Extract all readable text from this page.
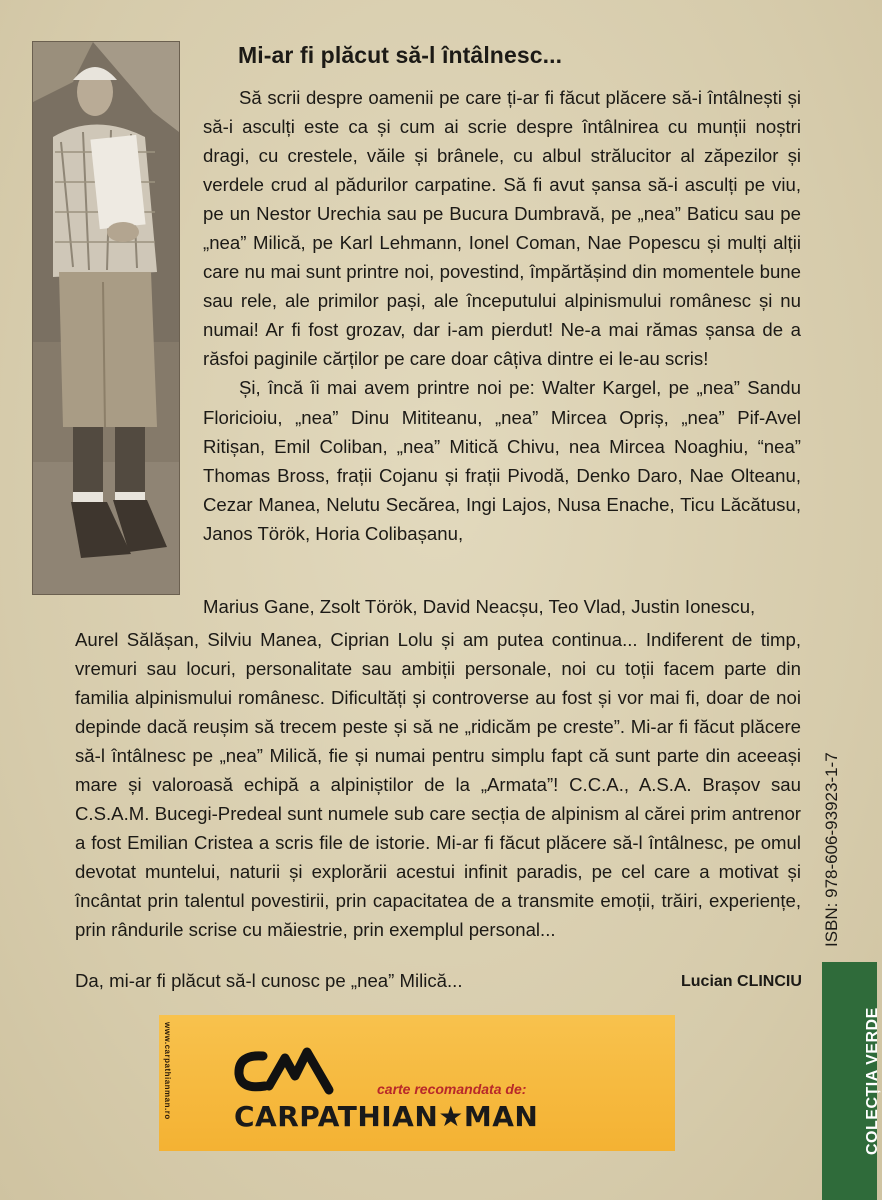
Mi-ar fi plăcut să-l întâlnesc...

Să scrii despre oamenii pe care ți-ar fi făcut plăcere să-i întâlnești și să-i asculți este ca și cum ai scrie despre întâlnirea cu munții noștri dragi, cu crestele, văile și brânele, cu albul strălucitor al zăpezilor și verdele crud al pădurilor carpatine. Să fi avut șansa să-i asculți pe viu, pe un Nestor Urechia sau pe Bucura Dumbravă, pe „nea” Baticu sau pe „nea” Milică, pe Karl Lehmann, Ionel Coman, Nae Popescu și mulți alții care nu mai sunt printre noi, povestind, împărtășind din momentele bune sau rele, ale primilor pași, ale începutului alpinismului românesc și nu numai! Ar fi fost grozav, dar i-am pierdut! Ne-a mai rămas șansa de a răsfoi paginile cărților pe care doar câțiva dintre ei le-au scris!

Și, încă îi mai avem printre noi pe: Walter Kargel, pe „nea” Sandu Floricioiu, „nea” Dinu Mititeanu, „nea” Mircea Opriș, „nea” Pif-Avel Ritișan, Emil Coliban, „nea” Mitică Chivu, nea Mircea Noaghiu, “nea” Thomas Bross, frații Cojanu și frații Pivodă, Denko Daro, Nae Olteanu, Cezar Manea, Nelutu Secărea, Ingi Lajos, Nusa Enache, Ticu Lăcătusu, Janos Török, Horia Colibașanu,

Aurel Sălășan, Silviu Manea, Ciprian Lolu și am putea continua... Indiferent de timp, vremuri sau locuri, personalitate sau ambiții personale, noi cu toții facem parte din familia alpinismului românesc. Dificultăți și controverse au fost și vor mai fi, doar de noi depinde dacă reușim să trecem peste și să ne „ridicăm pe creste”. Mi-ar fi făcut plăcere să-l întâlnesc pe „nea” Milică, fie și numai pentru simplu fapt că sunt parte din aceeași mare și valoroasă echipă a alpiniștilor de la „Armata”! C.C.A., A.S.A. Brașov sau C.S.A.M. Bucegi-Predeal sunt numele sub care secția de alpinism al cărei prim antrenor a fost Emilian Cristea a scris file de istorie. Mi-ar fi făcut plăcere să-l întâlnesc, pe omul devotat muntelui, naturii și explorării acestui infinit paradis, pe cel care a motivat și încântat prin talentul povestirii, prin capacitatea de a transmite emoții, trăiri, experiențe, prin rândurile scrise cu măiestrie, prin exemplul personal...

Marius Gane, Zsolt Török, David Neacșu, Teo Vlad, Justin Ionescu,

Da, mi-ar fi plăcut să-l cunosc pe „nea” Milică...	Lucian CLINCIU

ISBN: 978-606-93923-1-7
COLECȚIA VERDE
www.carpathianman.ro	carte recomandata de:

CARPATHIAN★MAN
